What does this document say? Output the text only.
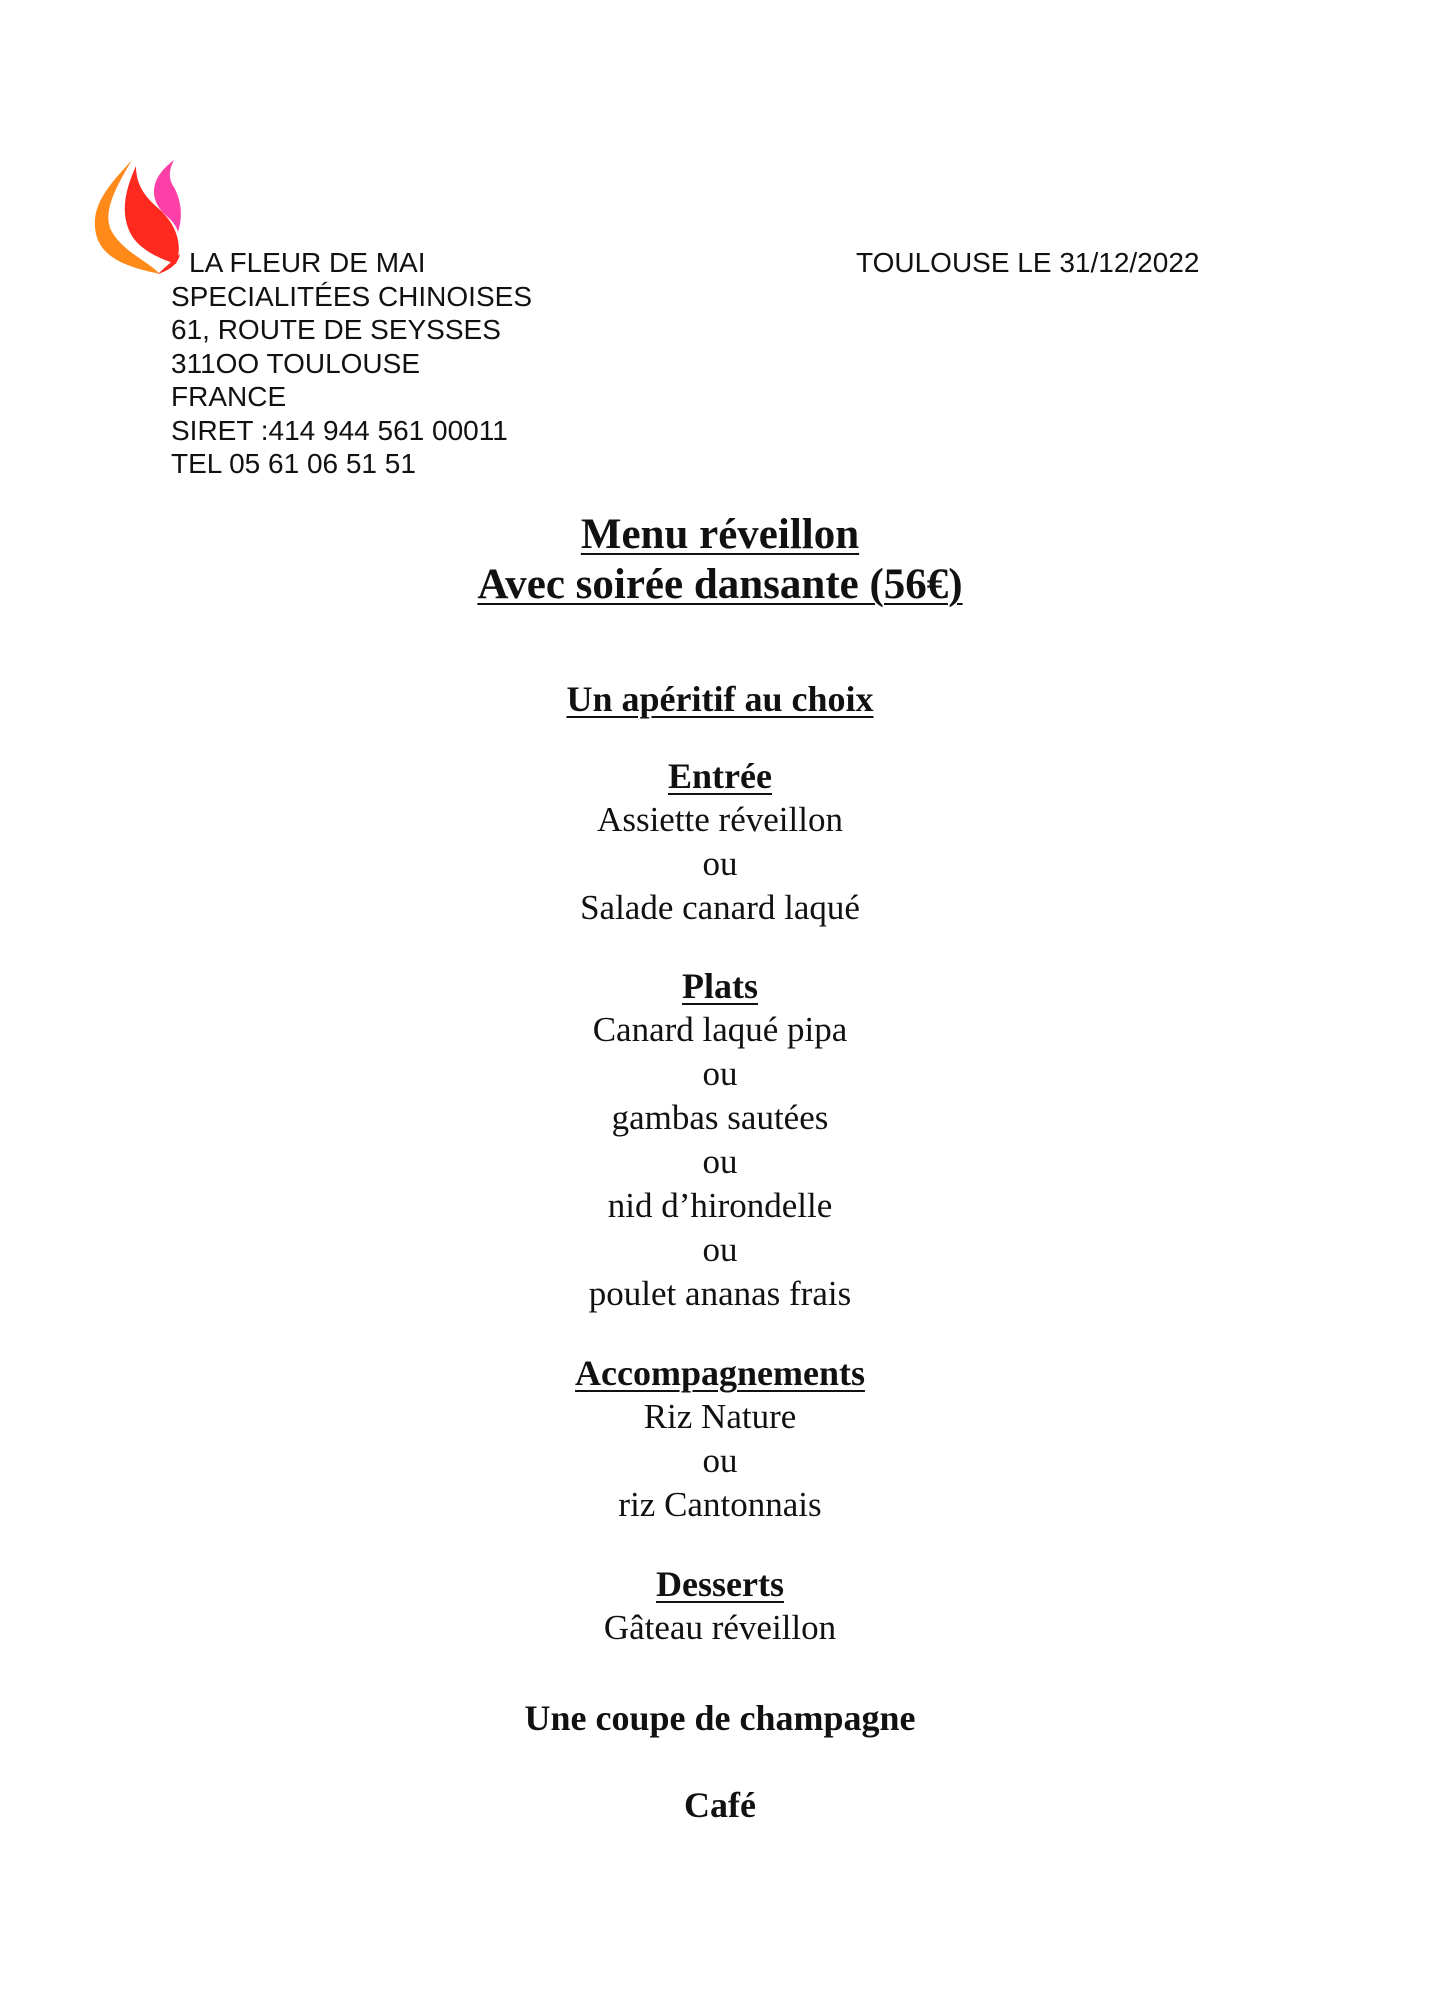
LA FLEUR DE MAI
SPECIALITÉES CHINOISES
61, ROUTE DE SEYSSES
311OO TOULOUSE
FRANCE
SIRET :414 944 561 00011
TEL 05 61 06 51 51
TOULOUSE LE 31/12/2022
Menu réveillon
Avec soirée dansante (56€)
Un apéritif au choix
Entrée
Assiette réveillon
ou
Salade canard laqué
Plats
Canard laqué pipa
ou
gambas sautées
ou
nid d’hirondelle
ou
poulet ananas frais
Accompagnements
Riz Nature
ou
riz Cantonnais
Desserts
Gâteau réveillon
Une coupe de champagne
Café
